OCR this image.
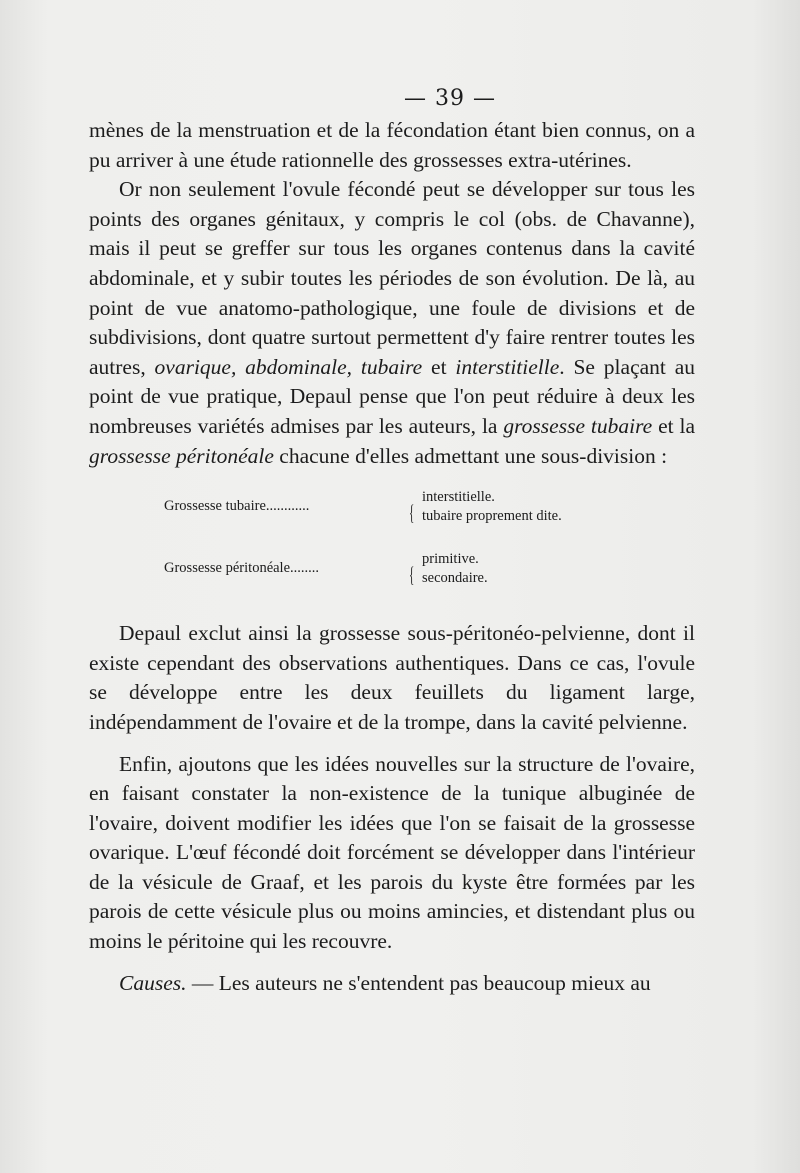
— 39 —

mènes de la menstruation et de la fécondation étant bien connus, on a pu arriver à une étude rationnelle des grossesses extra-utérines.

Or non seulement l'ovule fécondé peut se développer sur tous les points des organes génitaux, y compris le col (obs. de Chavanne), mais il peut se greffer sur tous les organes contenus dans la cavité abdominale, et y subir toutes les périodes de son évolution. De là, au point de vue anatomo-pathologique, une foule de divisions et de subdivisions, dont quatre surtout permettent d'y faire rentrer toutes les autres, ovarique, abdominale, tubaire et interstitielle. Se plaçant au point de vue pratique, Depaul pense que l'on peut réduire à deux les nombreuses variétés admises par les auteurs, la grossesse tubaire et la grossesse péritonéale chacune d'elles admettant une sous-division :

Grossesse tubaire............	{
interstitielle.
tubaire proprement dite.
Grossesse péritonéale........	{
primitive.
secondaire.

Depaul exclut ainsi la grossesse sous-péritonéo-pelvienne, dont il existe cependant des observations authentiques. Dans ce cas, l'ovule se développe entre les deux feuillets du ligament large, indépendamment de l'ovaire et de la trompe, dans la cavité pelvienne.

Enfin, ajoutons que les idées nouvelles sur la structure de l'ovaire, en faisant constater la non-existence de la tunique albuginée de l'ovaire, doivent modifier les idées que l'on se faisait de la grossesse ovarique. L'œuf fécondé doit forcément se développer dans l'intérieur de la vésicule de Graaf, et les parois du kyste être formées par les parois de cette vésicule plus ou moins amincies, et distendant plus ou moins le péritoine qui les recouvre.

Causes. — Les auteurs ne s'entendent pas beaucoup mieux au
